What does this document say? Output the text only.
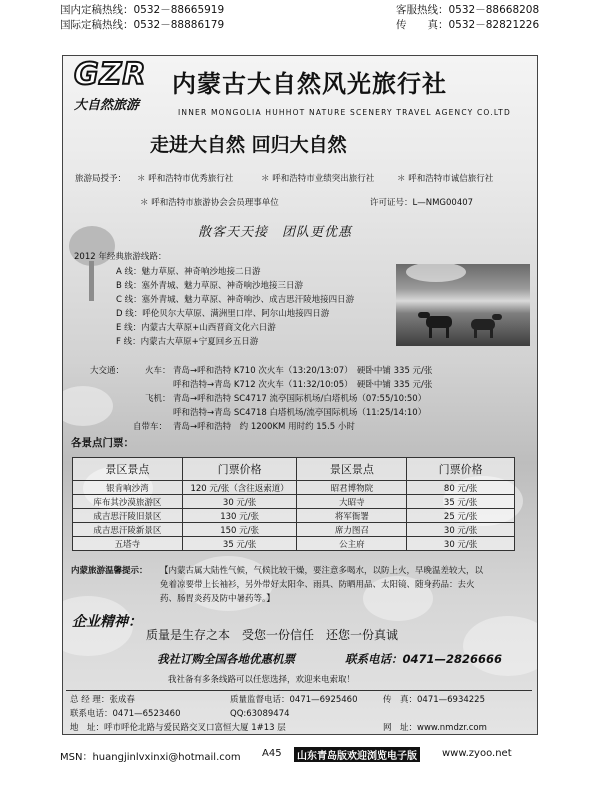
国内定稿热线：0532－88665919
国际定稿热线：0532－88886179
客服热线：0532－88668208
传　　真：0532－82821226
GZR
大自然旅游
内蒙古大自然风光旅行社
INNER MONGOLIA HUHHOT NATURE SCENERY TRAVEL AGENCY CO.LTD
走进大自然 回归大自然
旅游局授予： ＊ 呼和浩特市优秀旅行社	＊ 呼和浩特市业绩突出旅行社	＊ 呼和浩特市诚信旅行社
＊ 呼和浩特市旅游协会会员理事单位	许可证号：L—NMG00407
散客天天接　团队更优惠
2012 年经典旅游线路：
A 线：魅力草原、神奇响沙地接二日游
B 线：塞外青城、魅力草原、神奇响沙地接三日游
C 线：塞外青城、魅力草原、神奇响沙、成吉思汗陵地接四日游
D 线：呼伦贝尔大草原、满洲里口岸、阿尔山地接四日游
E 线：内蒙古大草原+山西晋商文化六日游
F 线：内蒙古大草原+宁夏回乡五日游
大交通： 火车： 青岛→呼和浩特 K710 次火车（13:20/13:07）　硬卧中铺 335 元/张
呼和浩特→青岛 K712 次火车（11:32/10:05）　硬卧中铺 335 元/张
飞机： 青岛→呼和浩特 SC4717 流亭国际机场/白塔机场（07:55/10:50）
呼和浩特→青岛 SC4718 白塔机场/流亭国际机场（11:25/14:10）
自带车： 青岛→呼和浩特　约 1200KM 用时约 15.5 小时
各景点门票：
景区景点	门票价格	景区景点	门票价格
银肯响沙湾	120 元/张（含往返索道）	昭君博物院	80 元/张
库布其沙漠旅游区	30 元/张	大昭寺	35 元/张
成吉思汗陵旧景区	130 元/张	将军衙署	25 元/张
成吉思汗陵新景区	150 元/张	席力图召	30 元/张
五塔寺	35 元/张	公主府	30 元/张
内蒙旅游温馨提示： 【内蒙古属大陆性气候，气候比较干燥，要注意多喝水，以防上火，早晚温差较大，以
免着凉要带上长袖衫，另外带好太阳伞、雨具、防晒用品、太阳镜、随身药品：去火
药、肠胃炎药及防中暑药等。】
企业精神：
质量是生存之本　受您一份信任　还您一份真诚
我社订购全国各地优惠机票	联系电话：0471—2826666
我社备有多条线路可以任您选择，欢迎来电索取！
总 经 理：张成春	质量监督电话：0471—6925460	传　真：0471—6934225
联系电话：0471—6523460	QQ:63089474
地　址：呼市呼伦北路与爱民路交叉口富恒大厦 1#13 层	网　址：www.nmdzr.com
MSN：huangjinlvxinxi@hotmail.com A45	山东青岛版欢迎浏览电子版	www.zyoo.net
